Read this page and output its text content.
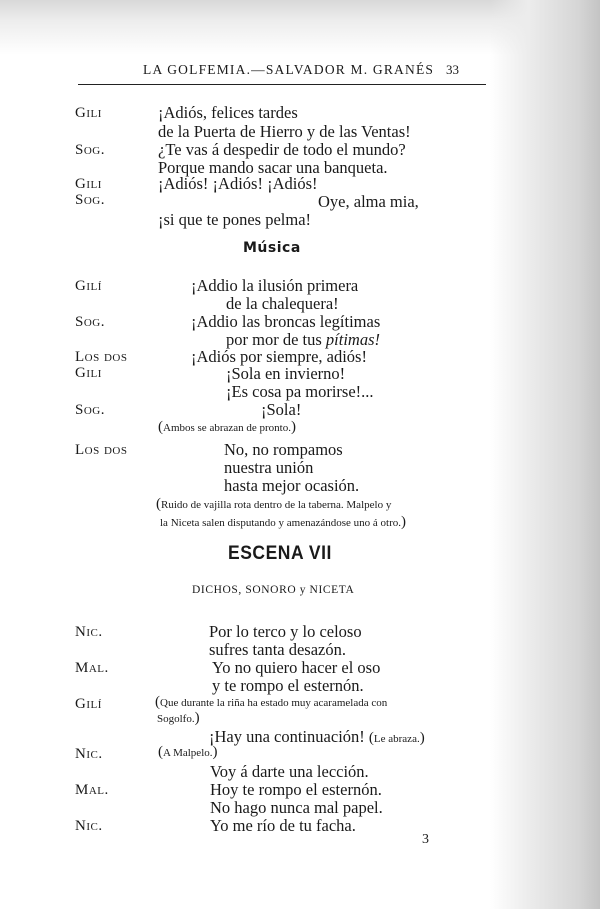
LA GOLFEMIA.—SALVADOR M. GRANÉS 33
Gili	¡Adiós, felices tardes
de la Puerta de Hierro y de las Ventas!
Sog.	¿Te vas á despedir de todo el mundo?
Porque mando sacar una banqueta.
Gili	¡Adiós! ¡Adiós! ¡Adiós!
Sog.	Oye, alma mia,
¡si que te pones pelma!
Música
Gilí	¡Addio la ilusión primera
de la chalequera!
Sog.	¡Addio las broncas legítimas
por mor de tus pítimas!
Los dos	¡Adiós por siempre, adiós!
Gili	¡Sola en invierno!
¡Es cosa pa morirse!...
Sog.	¡Sola!
(Ambos se abrazan de pronto.)
Los dos	No, no rompamos
nuestra unión
hasta mejor ocasión.
(Ruido de vajilla rota dentro de la taberna. Malpelo y
la Niceta salen disputando y amenazándose uno á otro.)
ESCENA VII
DICHOS, SONORO y NICETA
Nic.	Por lo terco y lo celoso
sufres tanta desazón.
Mal.	Yo no quiero hacer el oso
y te rompo el esternón.
Gilí	(Que durante la riña ha estado muy acaramelada con
Sogolfo.)
¡Hay una continuación! (Le abraza.)
Nic.	(A Malpelo.)
Voy á darte una lección.
Mal.	Hoy te rompo el esternón.
No hago nunca mal papel.
Nic.	Yo me río de tu facha.
3
